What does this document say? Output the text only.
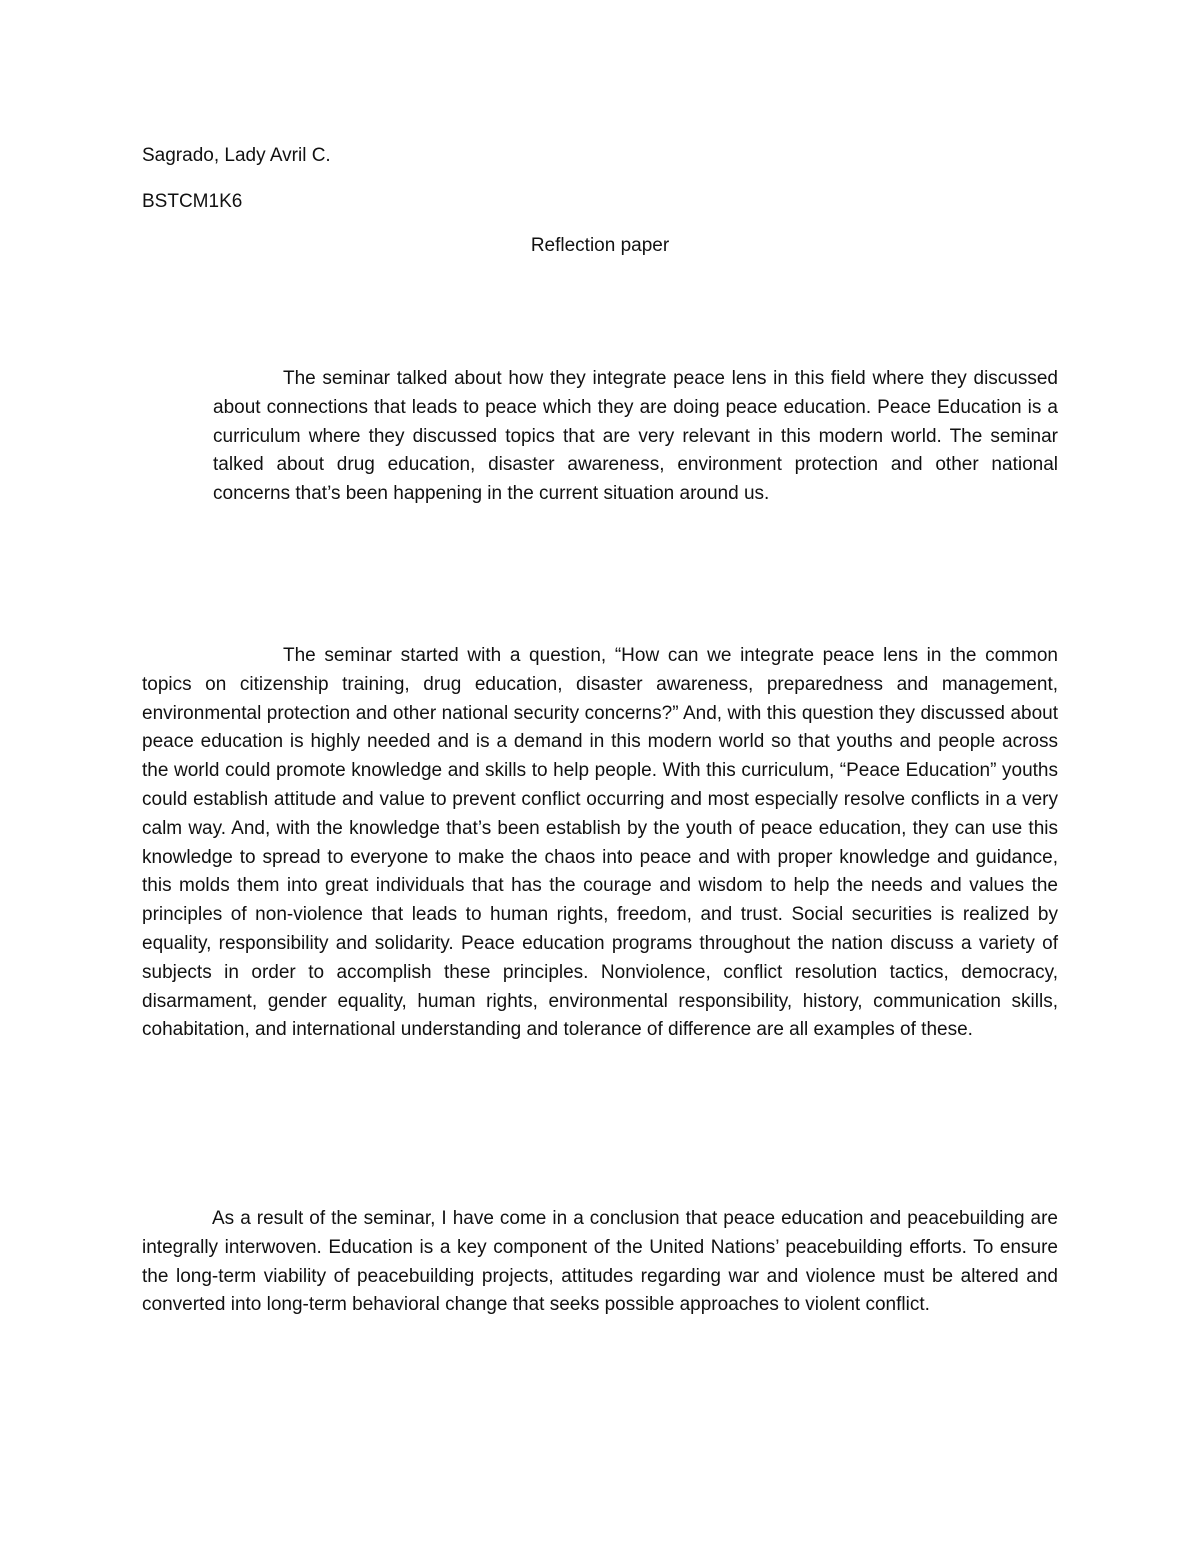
Sagrado, Lady Avril C.

BSTCM1K6

Reflection paper

The seminar talked about how they integrate peace lens in this field where they discussed about connections that leads to peace which they are doing peace education. Peace Education is a curriculum where they discussed topics that are very relevant in this modern world. The seminar talked about drug education, disaster awareness, environment protection and other national concerns that’s been happening in the current situation around us.

The seminar started with a question, “How can we integrate peace lens in the common topics on citizenship training, drug education, disaster awareness, preparedness and management, environmental protection and other national security concerns?” And, with this question they discussed about peace education is highly needed and is a demand in this modern world so that youths and people across the world could promote knowledge and skills to help people. With this curriculum, “Peace Education” youths could establish attitude and value to prevent conflict occurring and most especially resolve conflicts in a very calm way. And, with the knowledge that’s been establish by the youth of peace education, they can use this knowledge to spread to everyone to make the chaos into peace and with proper knowledge and guidance, this molds them into great individuals that has the courage and wisdom to help the needs and values the principles of non-violence that leads to human rights, freedom, and trust. Social securities is realized by equality, responsibility and solidarity. Peace education programs throughout the nation discuss a variety of subjects in order to accomplish these principles. Nonviolence, conflict resolution tactics, democracy, disarmament, gender equality, human rights, environmental responsibility, history, communication skills, cohabitation, and international understanding and tolerance of difference are all examples of these.

As a result of the seminar, I have come in a conclusion that peace education and peacebuilding are integrally interwoven. Education is a key component of the United Nations’ peacebuilding efforts. To ensure the long-term viability of peacebuilding projects, attitudes regarding war and violence must be altered and converted into long-term behavioral change that seeks possible approaches to violent conflict.
